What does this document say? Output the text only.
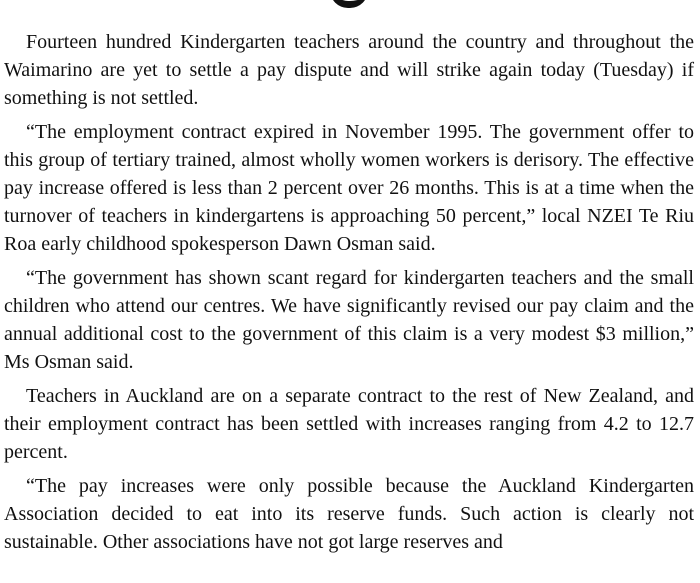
Fourteen hundred Kindergarten teachers around the country and throughout the Waimarino are yet to settle a pay dispute and will strike again today (Tuesday) if something is not settled.

“The employment contract expired in November 1995. The government offer to this group of tertiary trained, almost wholly women workers is derisory. The effective pay increase offered is less than 2 percent over 26 months. This is at a time when the turnover of teachers in kindergartens is approaching 50 percent,” local NZEI Te Riu Roa early childhood spokesperson Dawn Osman said.

“The government has shown scant regard for kindergarten teachers and the small children who attend our centres. We have significantly revised our pay claim and the annual additional cost to the government of this claim is a very modest $3 million,” Ms Osman said.

Teachers in Auckland are on a separate contract to the rest of New Zealand, and their employment contract has been settled with increases ranging from 4.2 to 12.7 percent.

“The pay increases were only possible because the Auckland Kindergarten Association decided to eat into its reserve funds. Such action is clearly not sustainable. Other associations have not got large reserves and
